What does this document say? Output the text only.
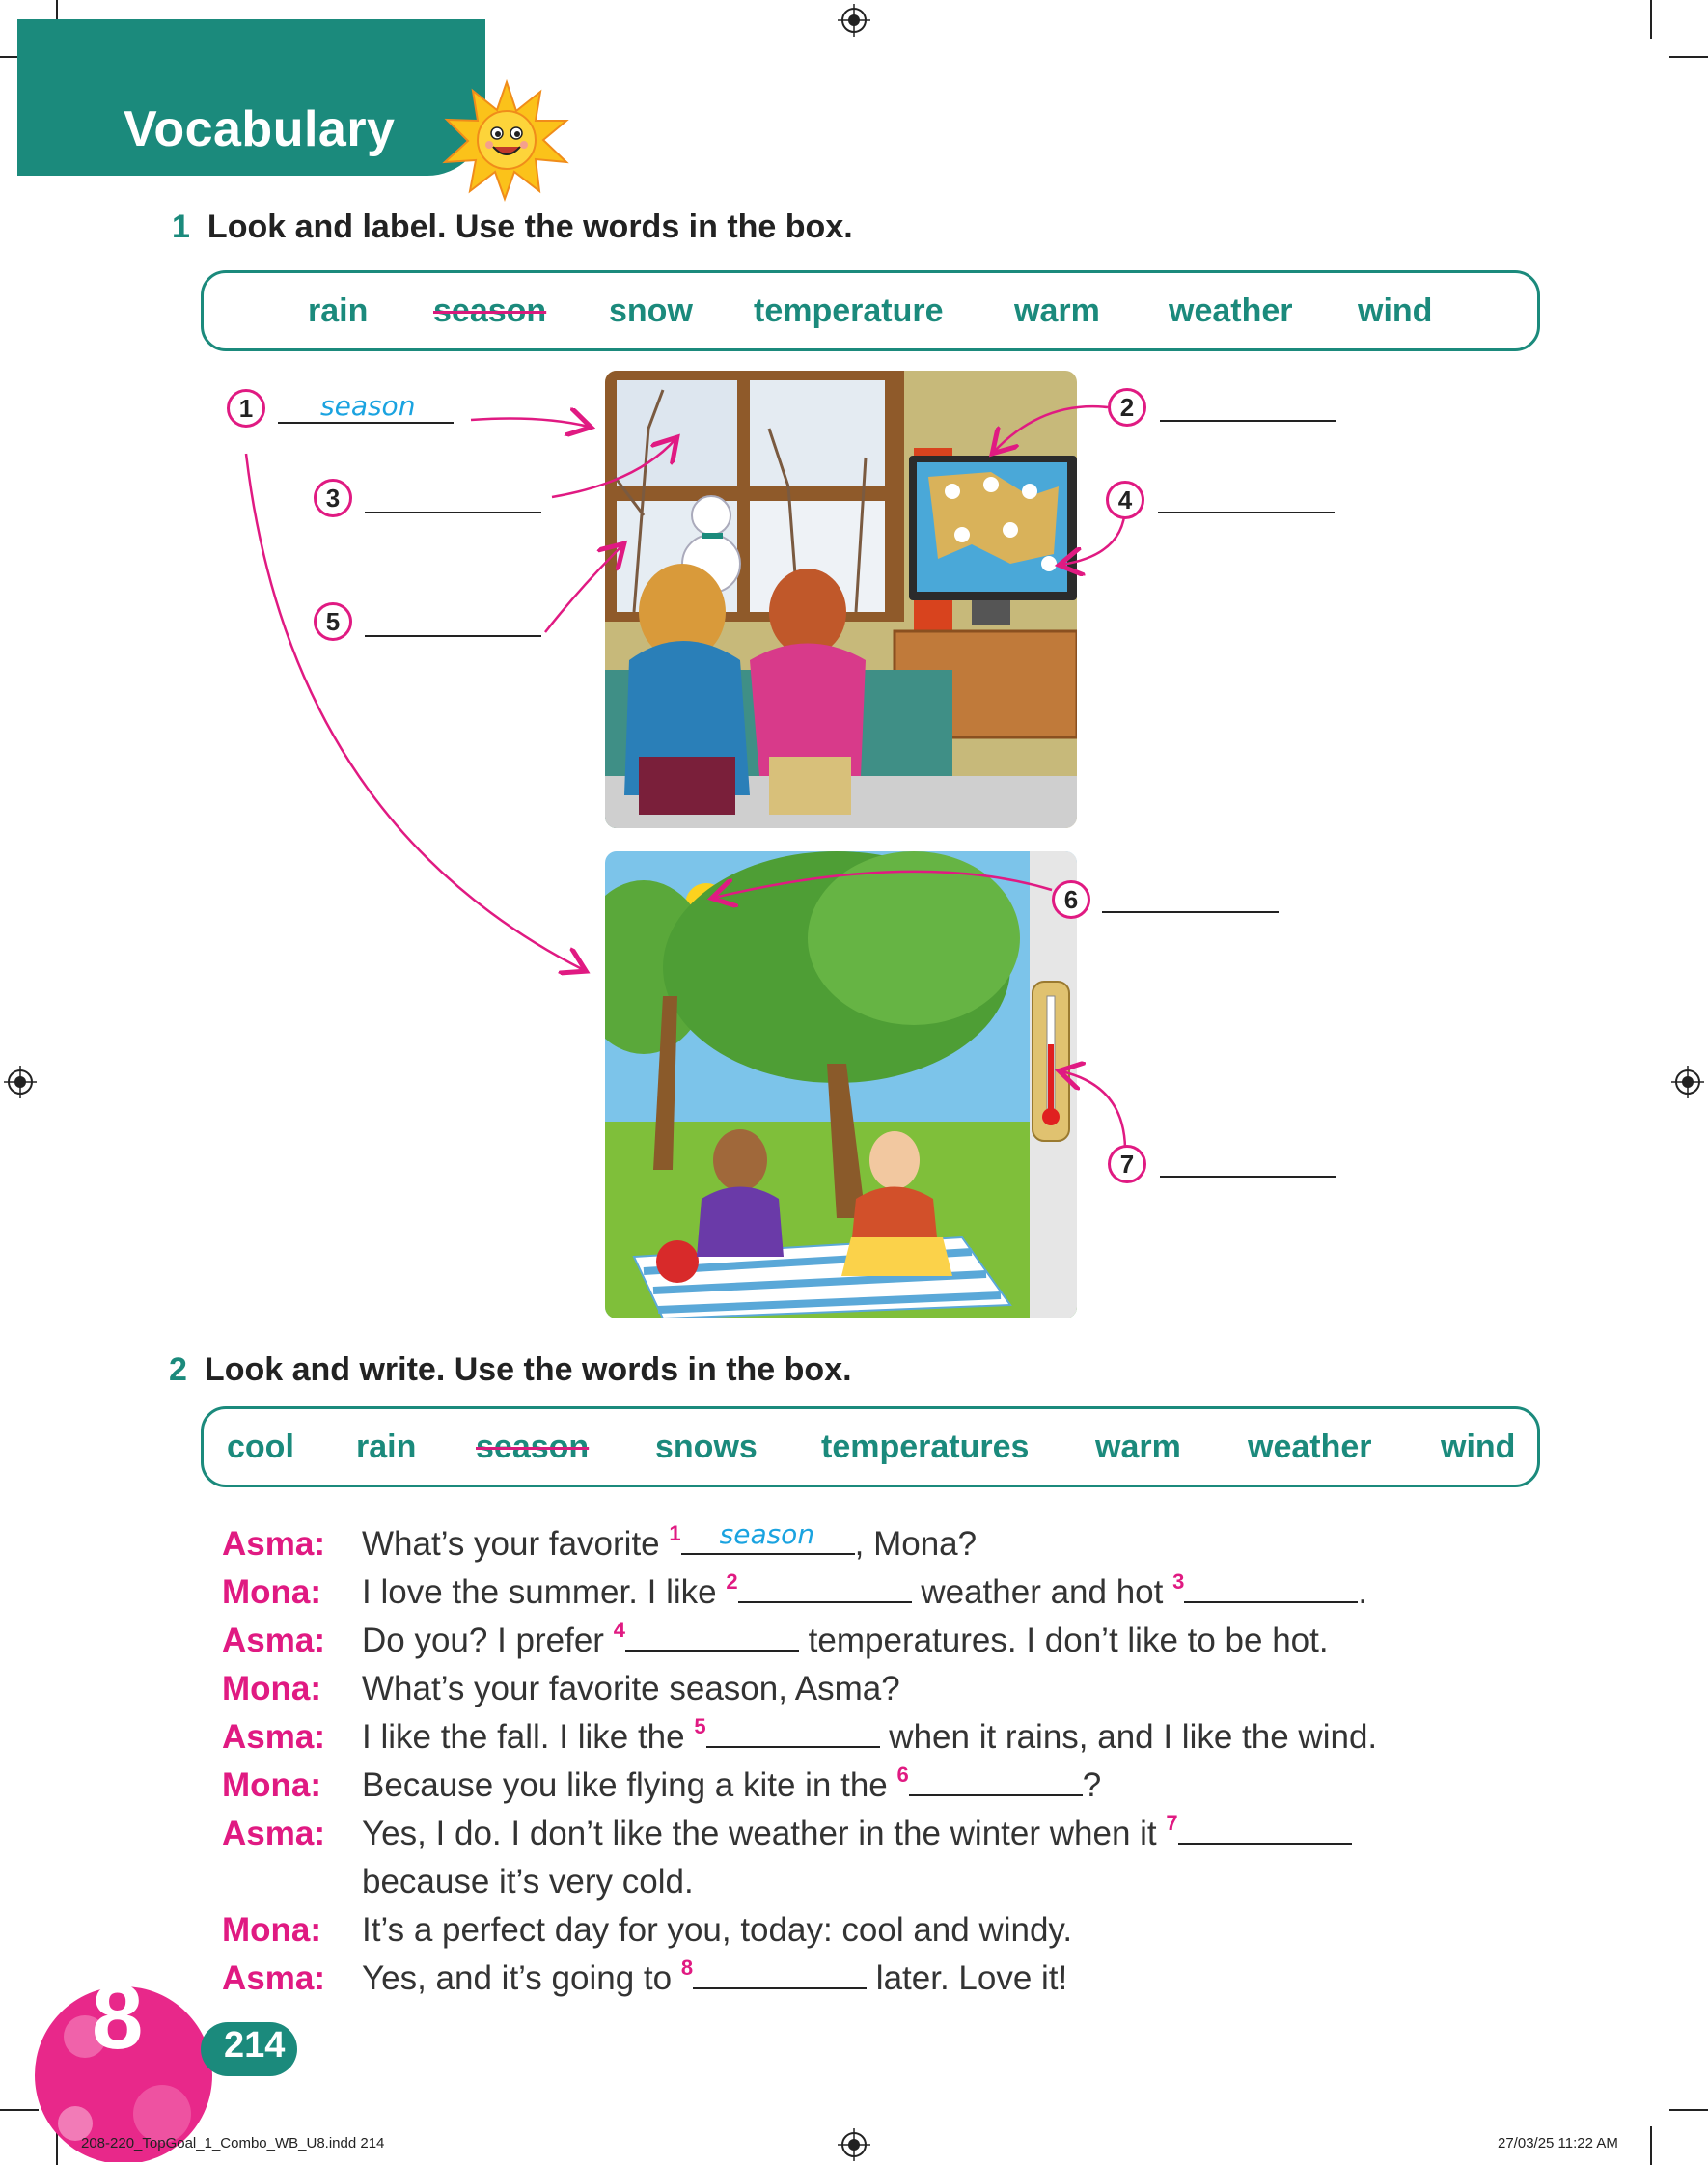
Vocabulary
1 Look and label. Use the words in the box.
rain season snow temperature warm weather wind
1	season	2
3	4
5
6
7
2 Look and write. Use the words in the box.
cool rain season snows temperatures warm weather wind
Asma: What’s your favorite $^1$ season , Mona?
Mona: I love the summer. I like $^2$	weather and hot $^3$	.
Asma: Do you? I prefer $^4$	temperatures. I don’t like to be hot.
Mona: What’s your favorite season, Asma?
Asma: I like the fall. I like the $^5$	when it rains, and I like the wind.
Mona: Because you like flying a kite in the $^6$	?
Asma: Yes, I do. I don’t like the weather in the winter when it $^7$
because it’s very cold.
Mona: It’s a perfect day for you, today: cool and windy.
Asma: Yes, and it’s going to $^8$	later. Love it!
8 214
208-220_TopGoal_1_Combo_WB_U8.indd 214	27/03/25 11:22 AM
